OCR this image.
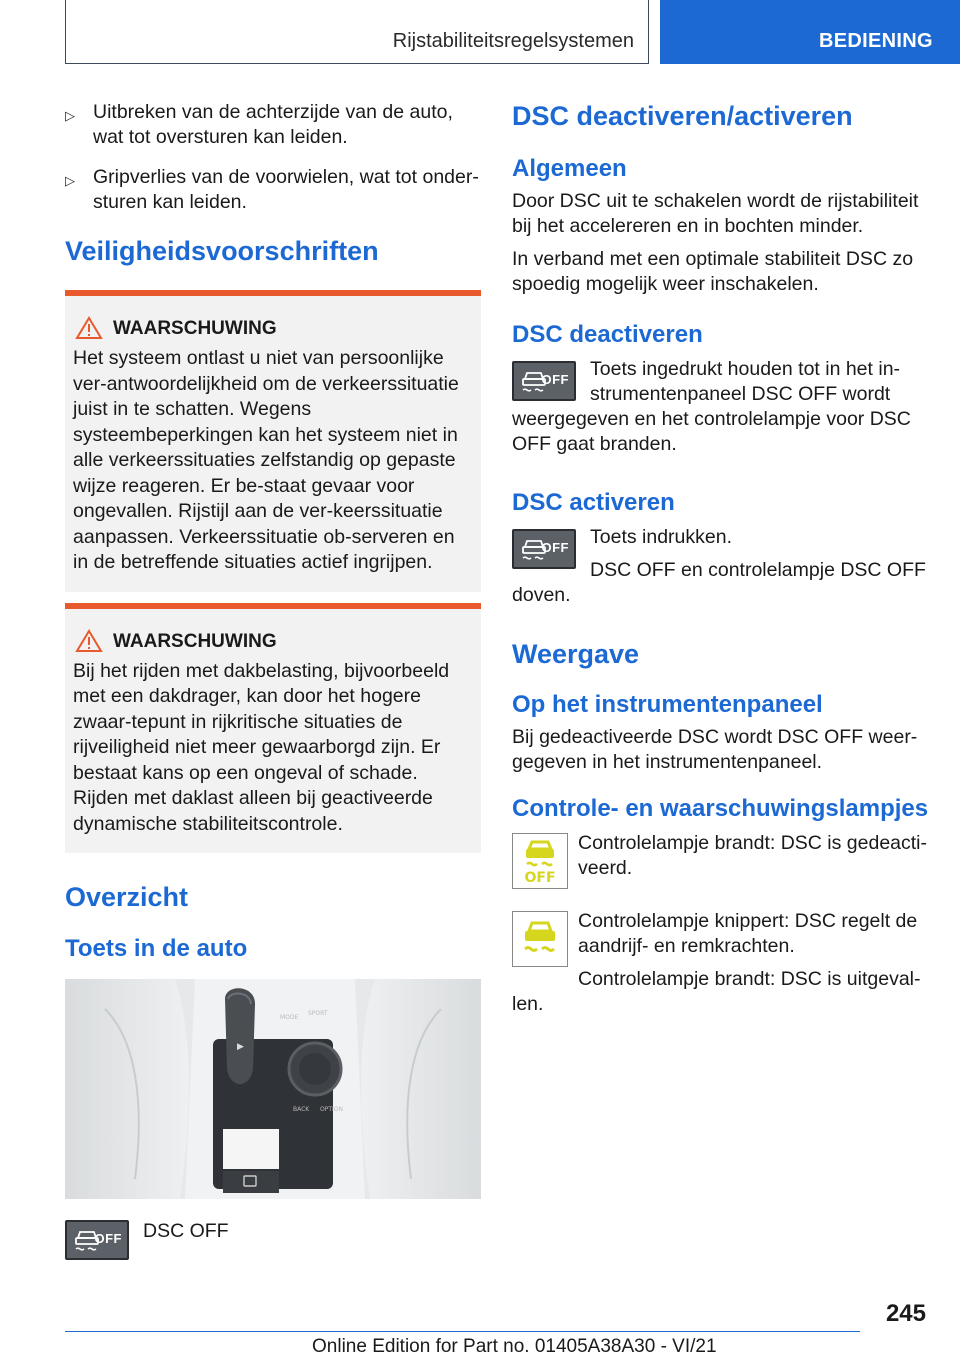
Rijstabiliteitsregelsystemen	BEDIENING
▷ Uitbreken van de achterzijde van de auto, wat tot oversturen kan leiden.
▷ Gripverlies van de voorwielen, wat tot onder-sturen kan leiden.
Veiligheidsvoorschriften
WAARSCHUWING
Het systeem ontlast u niet van persoonlijke ver-antwoordelijkheid om de verkeerssituatie juist in te schatten. Wegens systeembeperkingen kan het systeem niet in alle verkeerssituaties zelfstandig op gepaste wijze reageren. Er be-staat gevaar voor ongevallen. Rijstijl aan de ver-keerssituatie aanpassen. Verkeerssituatie ob-serveren en in de betreffende situaties actief ingrijpen.
WAARSCHUWING
Bij het rijden met dakbelasting, bijvoorbeeld met een dakdrager, kan door het hogere zwaar-tepunt in rijkritische situaties de rijveiligheid niet meer gewaarborgd zijn. Er bestaat kans op een ongeval of schade. Rijden met daklast alleen bij geactiveerde dynamische stabiliteitscontrole.
Overzicht
Toets in de auto
▶
MODE
SPORT
BACK OPTION
OFF	DSC OFF
DSC deactiveren/activeren
Algemeen

Door DSC uit te schakelen wordt de rijstabiliteit bij het accelereren en in bochten minder.

In verband met een optimale stabiliteit DSC zo spoedig mogelijk weer inschakelen.

DSC deactiveren
OFF	Toets ingedrukt houden tot in het in-strumentenpaneel DSC OFF wordt weergegeven en het controlelampje voor DSC OFF gaat branden.

DSC activeren
OFF	Toets indrukken.

DSC OFF en controlelampje DSC OFF doven.

Weergave
Op het instrumentenpaneel

Bij gedeactiveerde DSC wordt DSC OFF weer-gegeven in het instrumentenpaneel.

Controle- en waarschuwingslampjes
OFF

Controlelampje brandt: DSC is gedeacti-veerd.

Controlelampje knippert: DSC regelt de aandrijf- en remkrachten.

Controlelampje brandt: DSC is uitgeval-len.

245
Online Edition for Part no. 01405A38A30 - VI/21
